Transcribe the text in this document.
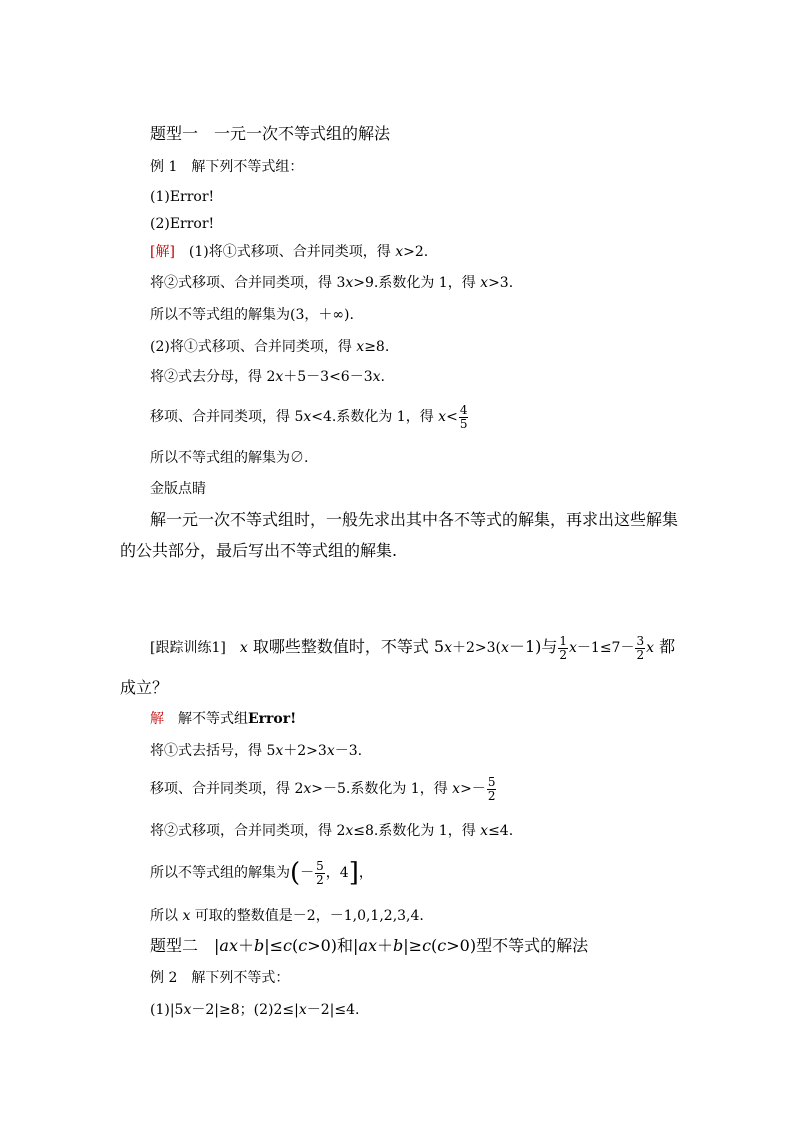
题型一　一元一次不等式组的解法
例 1　解下列不等式组：
(1)Error!
(2)Error!
[解]　(1)将①式移项、合并同类项，得 x>2.
将②式移项、合并同类项，得 3x>9.系数化为 1，得 x>3.
所以不等式组的解集为(3，＋∞).
(2)将①式移项、合并同类项，得 x≥8.
将②式去分母，得 2x＋5－3<6－3x.
移项、合并同类项，得 5x<4.系数化为 1，得 $x< \frac{4}{5}$
所以不等式组的解集为∅.
金版点睛
解一元一次不等式组时，一般先求出其中各不等式的解集，再求出这些解集
的公共部分，最后写出不等式组的解集.
[跟踪训练1]　 x 取哪些整数值时，不等式 5x＋2>3(x－1)与 $\frac{1}{2} x-1\le 7- \frac{3}{2}$ x 都
成立？
解　解不等式组Error!
将①式去括号，得 5x＋2>3x－3.
移项、合并同类项，得 2x>－5.系数化为 1，得 $x>- \frac{5}{2}$
将②式移项，合并同类项，得 2x≤8.系数化为 1，得 x≤4.
所以不等式组的解集为(－ $\frac{5}{2}$ ，4]，
所以 x 可取的整数值是－2，－1,0,1,2,3,4.
题型二　|ax＋b|≤c(c>0)和|ax＋b|≥c(c>0)型不等式的解法
例 2　解下列不等式：
(1)|5x－2|≥8；(2)2≤|x－2|≤4.
